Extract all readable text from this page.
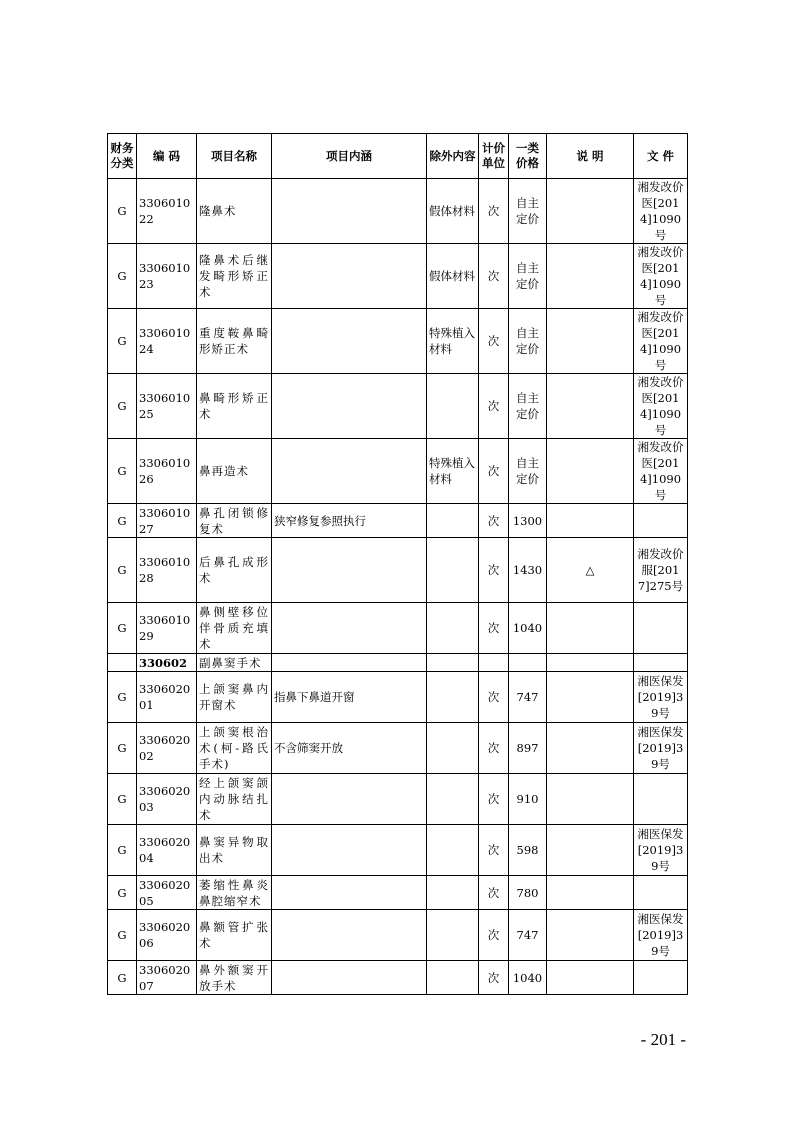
财务分类	编 码	项目名称	项目内涵	除外内容	计价单位	一类价格	说 明	文 件
G	330601022	隆鼻术		假体材料	次	自主定价		湘发改价医[2014]1090号
G	330601023	隆鼻术后继发畸形矫正术		假体材料	次	自主定价		湘发改价医[2014]1090号
G	330601024	重度鞍鼻畸形矫正术		特殊植入材料	次	自主定价		湘发改价医[2014]1090号
G	330601025	鼻畸形矫正术			次	自主定价		湘发改价医[2014]1090号
G	330601026	鼻再造术		特殊植入材料	次	自主定价		湘发改价医[2014]1090号
G	330601027	鼻孔闭锁修复术	狭窄修复参照执行		次	1300		
G	330601028	后鼻孔成形术			次	1430	△	湘发改价服[2017]275号
G	330601029	鼻侧壁移位伴骨质充填术			次	1040		
	330602	副鼻窦手术						
G	330602001	上颌窦鼻内开窗术	指鼻下鼻道开窗		次	747		湘医保发[2019]39号
G	330602002	上颌窦根治术(柯-路氏手术)	不含筛窦开放		次	897		湘医保发[2019]39号
G	330602003	经上颌窦颌内动脉结扎术			次	910		
G	330602004	鼻窦异物取出术			次	598		湘医保发[2019]39号
G	330602005	萎缩性鼻炎鼻腔缩窄术			次	780		
G	330602006	鼻额管扩张术			次	747		湘医保发[2019]39号
G	330602007	鼻外额窦开放手术			次	1040		
- 201 -
